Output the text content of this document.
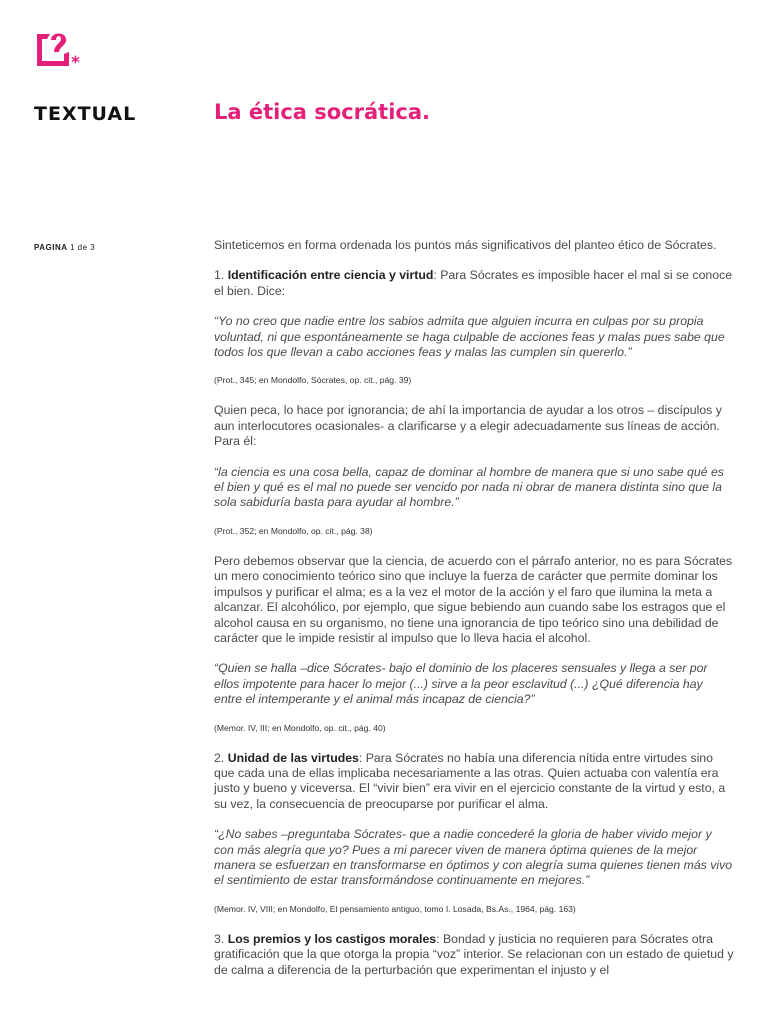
*
TEXTUAL	La ética socrática.
PAGINA 1 de 3	Sinteticemos en forma ordenada los puntos más significativos del planteo ético de Sócrates.

1. Identificación entre ciencia y virtud: Para Sócrates es imposible hacer el mal si se conoce el bien. Dice:

“Yo no creo que nadie entre los sabios admita que alguien incurra en culpas por su propia voluntad, ni que espontáneamente se haga culpable de acciones feas y malas pues sabe que todos los que llevan a cabo acciones feas y malas las cumplen sin quererlo.”

(Prot., 345; en Mondolfo, Sócrates, op. cit., pág. 39)

Quien peca, lo hace por ignorancia; de ahí la importancia de ayudar a los otros – discípulos y aun interlocutores ocasionales- a clarificarse y a elegir adecuadamente sus líneas de acción. Para él:

“la ciencia es una cosa bella, capaz de dominar al hombre de manera que si uno sabe qué es el bien y qué es el mal no puede ser vencido por nada ni obrar de manera distinta sino que la sola sabiduría basta para ayudar al hombre.”

(Prot., 352; en Mondolfo, op. cit., pág. 38)

Pero debemos observar que la ciencia, de acuerdo con el párrafo anterior, no es para Sócrates un mero conocimiento teórico sino que incluye la fuerza de carácter que permite dominar los impulsos y purificar el alma; es a la vez el motor de la acción y el faro que ilumina la meta a alcanzar. El alcohólico, por ejemplo, que sigue bebiendo aun cuando sabe los estragos que el alcohol causa en su organismo, no tiene una ignorancia de tipo teórico sino una debilidad de carácter que le impide resistir al impulso que lo lleva hacia el alcohol.

“Quien se halla –dice Sócrates- bajo el dominio de los placeres sensuales y llega a ser por ellos impotente para hacer lo mejor (...) sirve a la peor esclavitud (...) ¿Qué diferencia hay entre el intemperante y el animal más incapaz de ciencia?”

(Memor. IV, III; en Mondolfo, op. cit., pág. 40)

2. Unidad de las virtudes: Para Sócrates no había una diferencia nítida entre virtudes sino que cada una de ellas implicaba necesariamente a las otras. Quien actuaba con valentía era justo y bueno y viceversa. El “vivir bien” era vivir en el ejercicio constante de la virtud y esto, a su vez, la consecuencia de preocuparse por purificar el alma.

“¿No sabes –preguntaba Sócrates- que a nadie concederé la gloria de haber vivido mejor y con más alegría que yo? Pues a mi parecer viven de manera óptima quienes de la mejor manera se esfuerzan en transformarse en óptimos y con alegría suma quienes tienen más vivo el sentimiento de estar transformándose continuamente en mejores.”

(Memor. IV, VIII; en Mondolfo, El pensamiento antiguo, tomo I. Losada, Bs.As., 1964, pág. 163)

3. Los premios y los castigos morales: Bondad y justicia no requieren para Sócrates otra gratificación que la que otorga la propia “voz” interior. Se relacionan con un estado de quietud y de calma a diferencia de la perturbación que experimentan el injusto y el
